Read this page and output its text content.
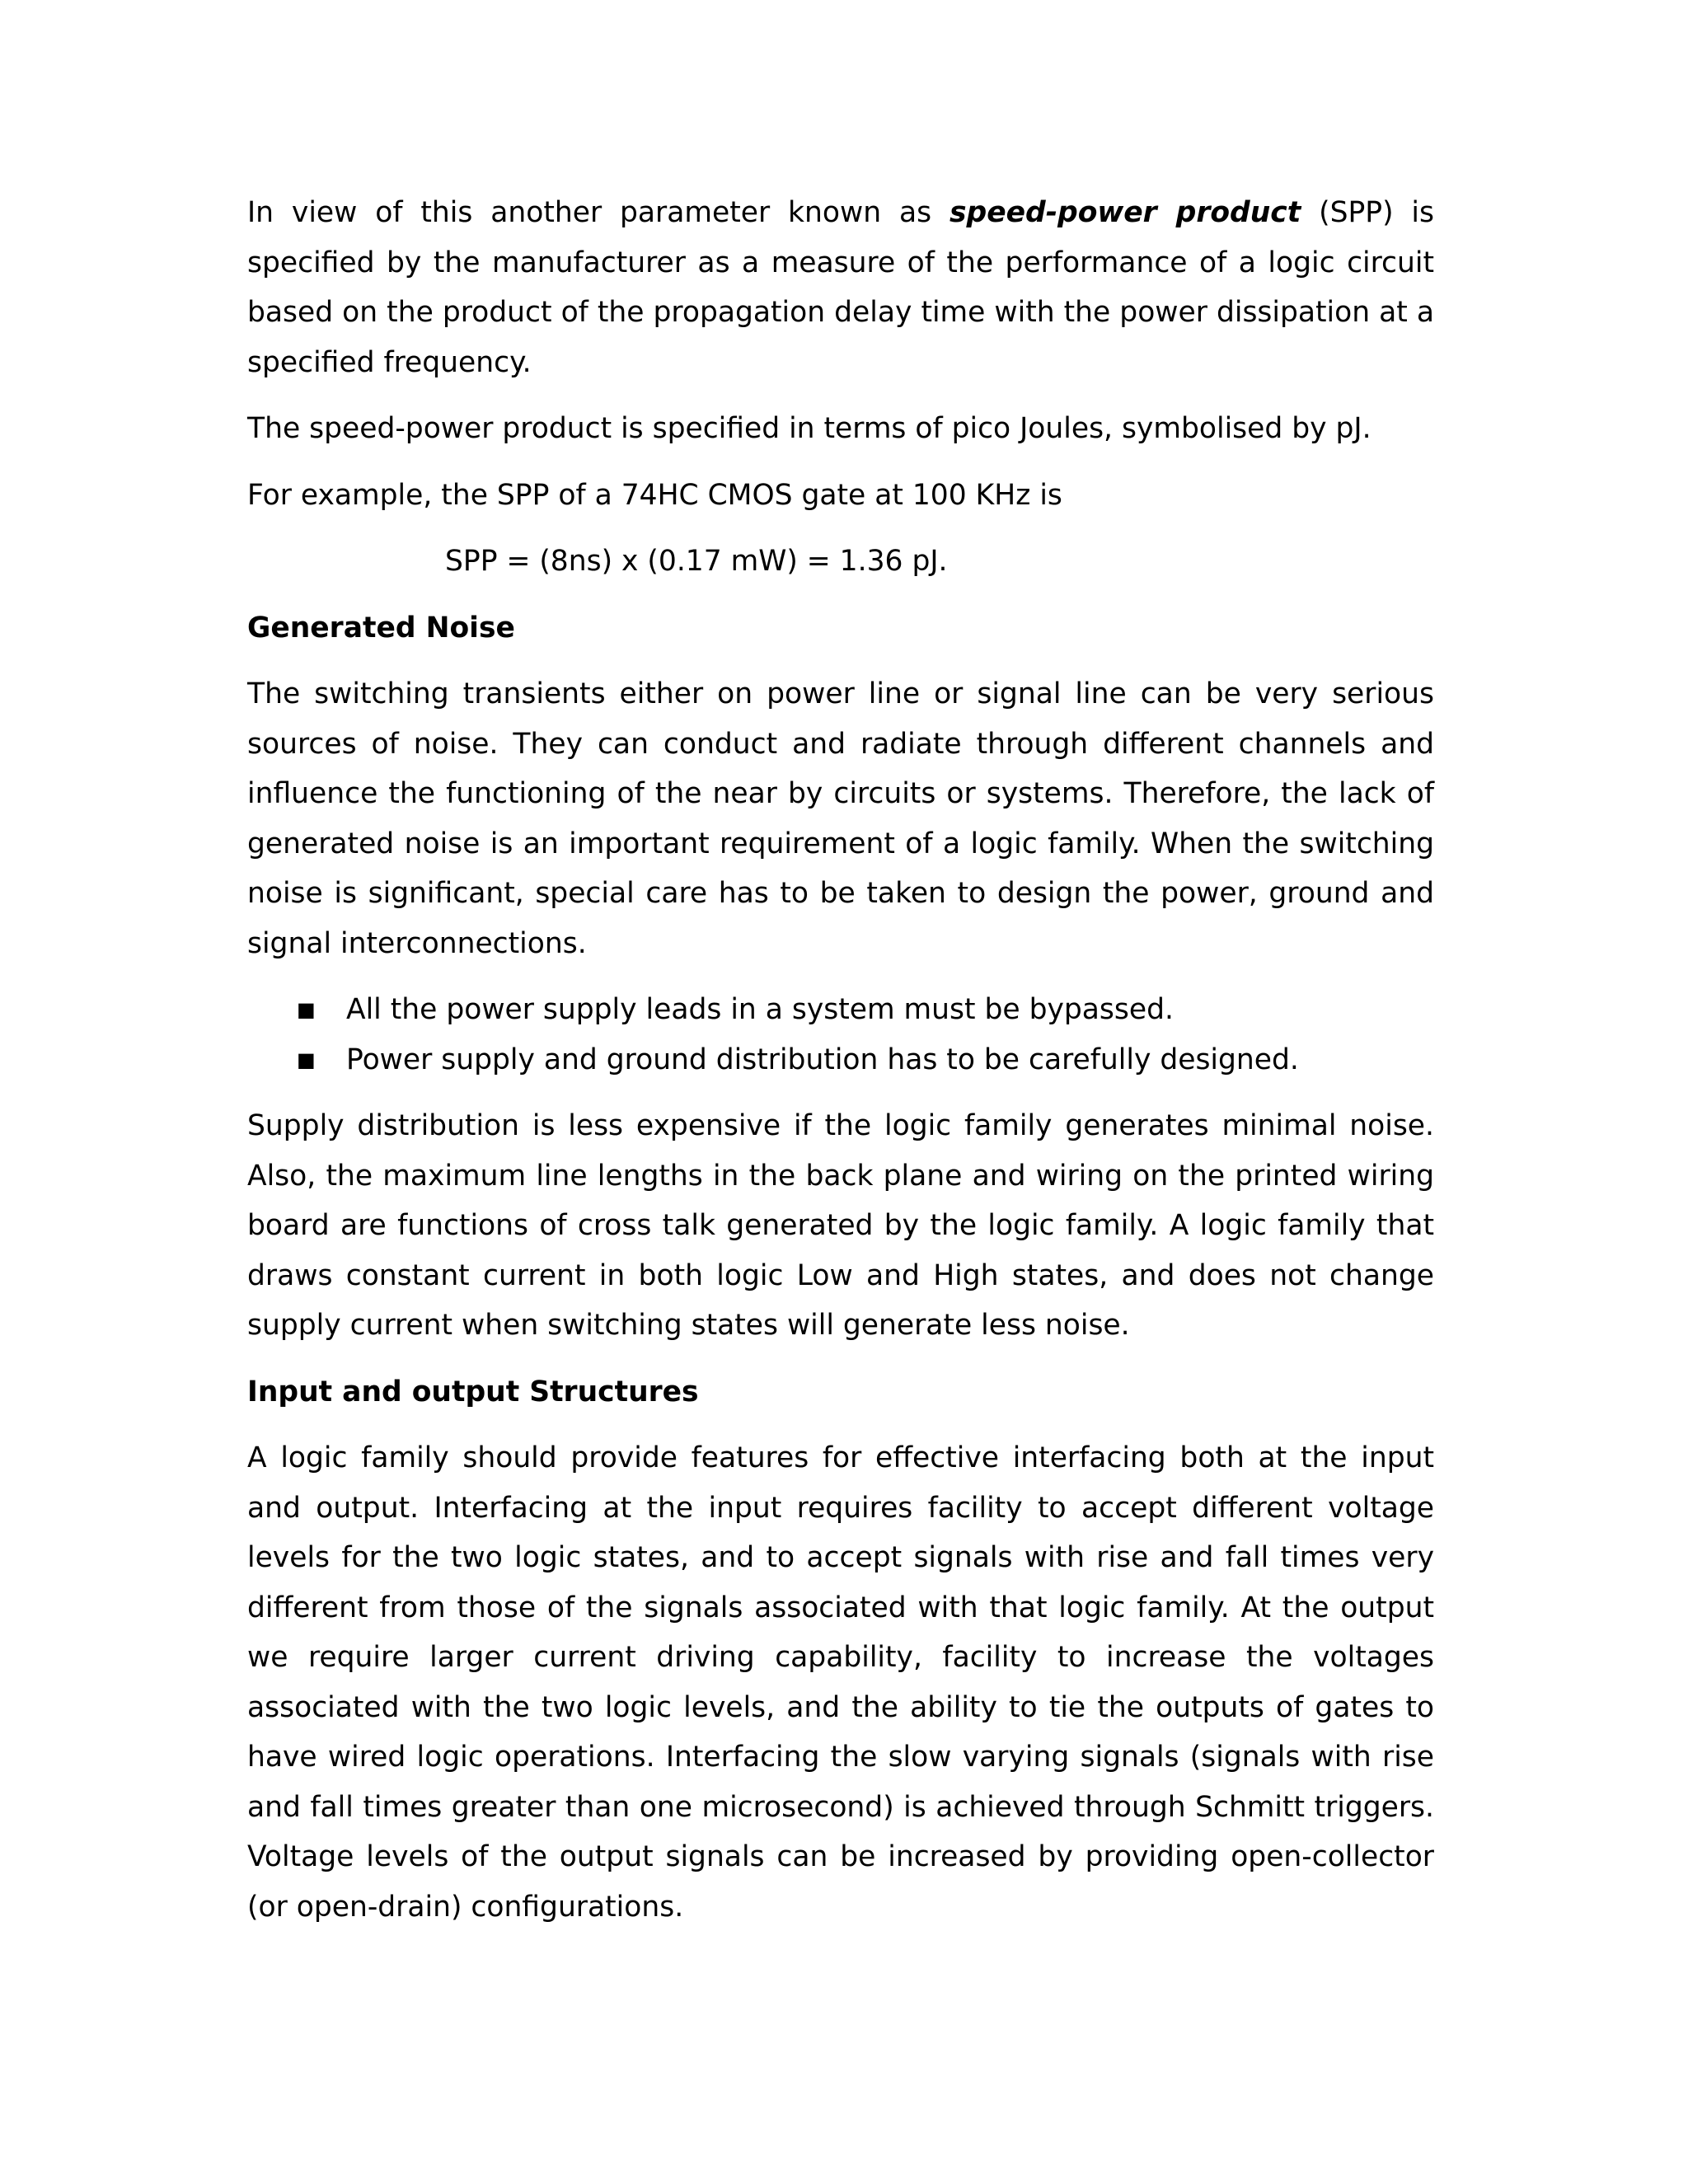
In view of this another parameter known as speed-power product (SPP) is specified by the manufacturer as a measure of the performance of a logic circuit based on the product of the propagation delay time with the power dissipation at a specified frequency.

The speed-power product is specified in terms of pico Joules, symbolised by pJ.

For example, the SPP of a 74HC CMOS gate at 100 KHz is

SPP = (8ns) x (0.17 mW) = 1.36 pJ.

Generated Noise

The switching transients either on power line or signal line can be very serious sources of noise. They can conduct and radiate through different channels and influence the functioning of the near by circuits or systems. Therefore, the lack of generated noise is an important requirement of a logic family. When the switching noise is significant, special care has to be taken to design the power, ground and signal interconnections.

■ All the power supply leads in a system must be bypassed.
■ Power supply and ground distribution has to be carefully designed.

Supply distribution is less expensive if the logic family generates minimal noise. Also, the maximum line lengths in the back plane and wiring on the printed wiring board are functions of cross talk generated by the logic family. A logic family that draws constant current in both logic Low and High states, and does not change supply current when switching states will generate less noise.

Input and output Structures

A logic family should provide features for effective interfacing both at the input and output. Interfacing at the input requires facility to accept different voltage levels for the two logic states, and to accept signals with rise and fall times very different from those of the signals associated with that logic family. At the output we require larger current driving capability, facility to increase the voltages associated with the two logic levels, and the ability to tie the outputs of gates to have wired logic operations. Interfacing the slow varying signals (signals with rise and fall times greater than one microsecond) is achieved through Schmitt triggers. Voltage levels of the output signals can be increased by providing open-collector (or open-drain) configurations.
